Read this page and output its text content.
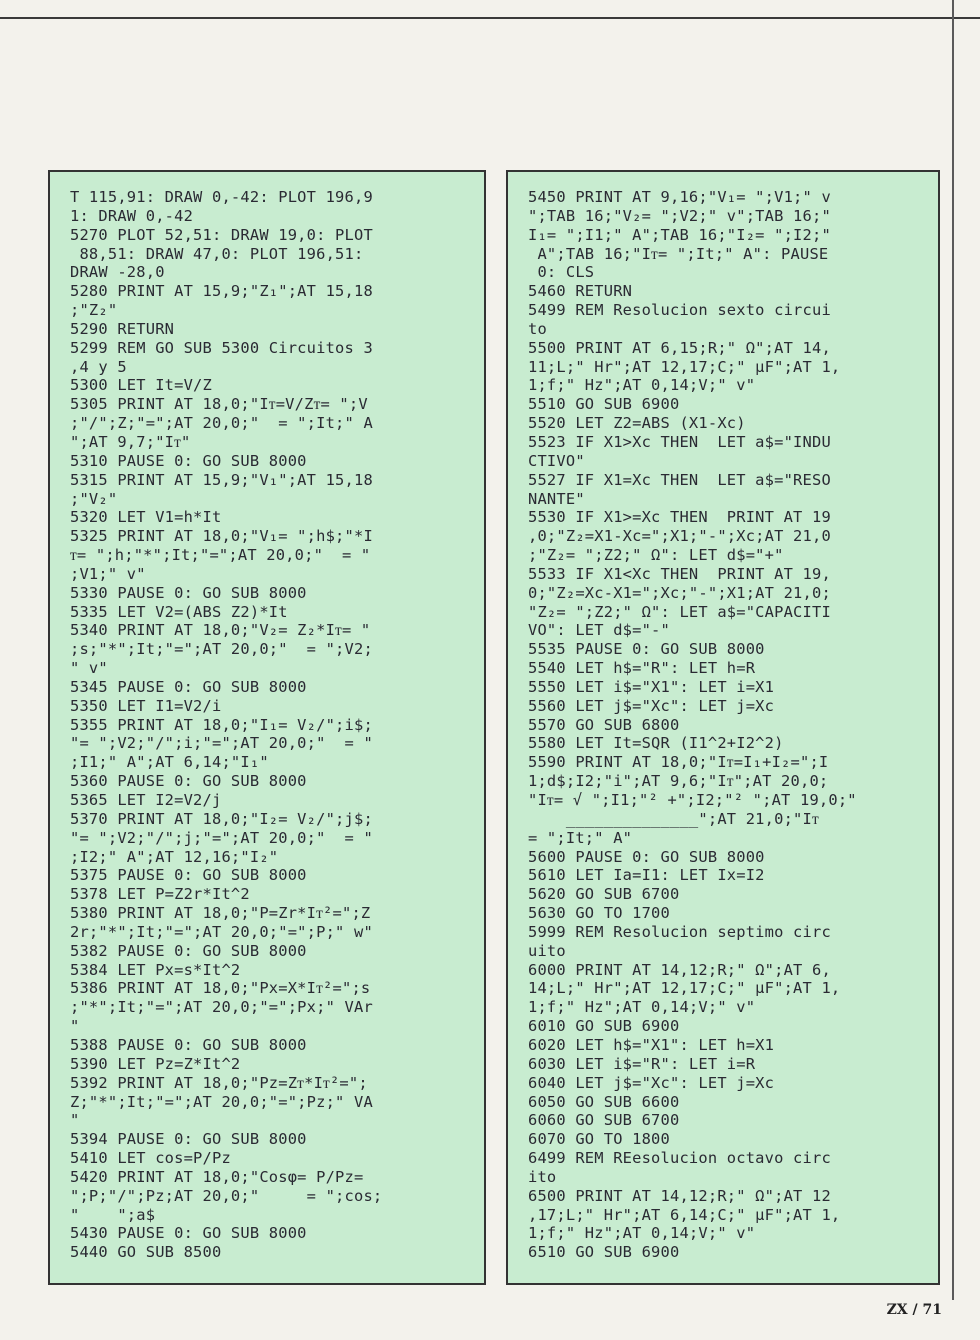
T 115,91: DRAW 0,-42: PLOT 196,9
1: DRAW 0,-42
5270 PLOT 52,51: DRAW 19,0: PLOT
88,51: DRAW 47,0: PLOT 196,51:
DRAW -28,0
5280 PRINT AT 15,9;"Z₁";AT 15,18
;"Z₂"
5290 RETURN
5299 REM GO SUB 5300 Circuitos 3
,4 y 5
5300 LET It=V/Z
5305 PRINT AT 18,0;"Iᴛ=V/Zᴛ= ";V
;"/";Z;"=";AT 20,0;"  = ";It;" A
";AT 9,7;"Iᴛ"
5310 PAUSE 0: GO SUB 8000
5315 PRINT AT 15,9;"V₁";AT 15,18
;"V₂"
5320 LET V1=h*It
5325 PRINT AT 18,0;"V₁= ";h$;"*I
ᴛ= ";h;"*";It;"=";AT 20,0;"  = "
;V1;" v"
5330 PAUSE 0: GO SUB 8000
5335 LET V2=(ABS Z2)*It
5340 PRINT AT 18,0;"V₂= Z₂*Iᴛ= "
;s;"*";It;"=";AT 20,0;"  = ";V2;
" v"
5345 PAUSE 0: GO SUB 8000
5350 LET I1=V2/i
5355 PRINT AT 18,0;"I₁= V₂/";i$;
"= ";V2;"/";i;"=";AT 20,0;"  = "
;I1;" A";AT 6,14;"I₁"
5360 PAUSE 0: GO SUB 8000
5365 LET I2=V2/j
5370 PRINT AT 18,0;"I₂= V₂/";j$;
"= ";V2;"/";j;"=";AT 20,0;"  = "
;I2;" A";AT 12,16;"I₂"
5375 PAUSE 0: GO SUB 8000
5378 LET P=Z2r*It^2
5380 PRINT AT 18,0;"P=Zr*Iᴛ²=";Z
2r;"*";It;"=";AT 20,0;"=";P;" w"
5382 PAUSE 0: GO SUB 8000
5384 LET Px=s*It^2
5386 PRINT AT 18,0;"Px=X*Iᴛ²=";s
;"*";It;"=";AT 20,0;"=";Px;" VAr
"
5388 PAUSE 0: GO SUB 8000
5390 LET Pz=Z*It^2
5392 PRINT AT 18,0;"Pz=Zᴛ*Iᴛ²=";
Z;"*";It;"=";AT 20,0;"=";Pz;" VA
"
5394 PAUSE 0: GO SUB 8000
5410 LET cos=P/Pz
5420 PRINT AT 18,0;"Cosφ= P/Pz=
";P;"/";Pz;AT 20,0;"     = ";cos;
"    ";a$
5430 PAUSE 0: GO SUB 8000
5440 GO SUB 8500
5450 PRINT AT 9,16;"V₁= ";V1;" v
";TAB 16;"V₂= ";V2;" v";TAB 16;"
I₁= ";I1;" A";TAB 16;"I₂= ";I2;"
A";TAB 16;"Iᴛ= ";It;" A": PAUSE
0: CLS
5460 RETURN
5499 REM Resolucion sexto circui
to
5500 PRINT AT 6,15;R;" Ω";AT 14,
11;L;" Hr";AT 12,17;C;" µF";AT 1,
1;f;" Hz";AT 0,14;V;" v"
5510 GO SUB 6900
5520 LET Z2=ABS (X1-Xc)
5523 IF X1>Xc THEN  LET a$="INDU
CTIVO"
5527 IF X1=Xc THEN  LET a$="RESO
NANTE"
5530 IF X1>=Xc THEN  PRINT AT 19
,0;"Z₂=X1-Xc=";X1;"-";Xc;AT 21,0
;"Z₂= ";Z2;" Ω": LET d$="+"
5533 IF X1<Xc THEN  PRINT AT 19,
0;"Z₂=Xc-X1=";Xc;"-";X1;AT 21,0;
"Z₂= ";Z2;" Ω": LET a$="CAPACITI
VO": LET d$="-"
5535 PAUSE 0: GO SUB 8000
5540 LET h$="R": LET h=R
5550 LET i$="X1": LET i=X1
5560 LET j$="Xc": LET j=Xc
5570 GO SUB 6800
5580 LET It=SQR (I1^2+I2^2)
5590 PRINT AT 18,0;"Iᴛ=I₁+I₂=";I
1;d$;I2;"i";AT 9,6;"Iᴛ";AT 20,0;
"Iᴛ= √ ";I1;"² +";I2;"² ";AT 19,0;"
______________";AT 21,0;"Iᴛ
= ";It;" A"
5600 PAUSE 0: GO SUB 8000
5610 LET Ia=I1: LET Ix=I2
5620 GO SUB 6700
5630 GO TO 1700
5999 REM Resolucion septimo circ
uito
6000 PRINT AT 14,12;R;" Ω";AT 6,
14;L;" Hr";AT 12,17;C;" µF";AT 1,
1;f;" Hz";AT 0,14;V;" v"
6010 GO SUB 6900
6020 LET h$="X1": LET h=X1
6030 LET i$="R": LET i=R
6040 LET j$="Xc": LET j=Xc
6050 GO SUB 6600
6060 GO SUB 6700
6070 GO TO 1800
6499 REM REesolucion octavo circ
ito
6500 PRINT AT 14,12;R;" Ω";AT 12
,17;L;" Hr";AT 6,14;C;" µF";AT 1,
1;f;" Hz";AT 0,14;V;" v"
6510 GO SUB 6900
ZX / 71
